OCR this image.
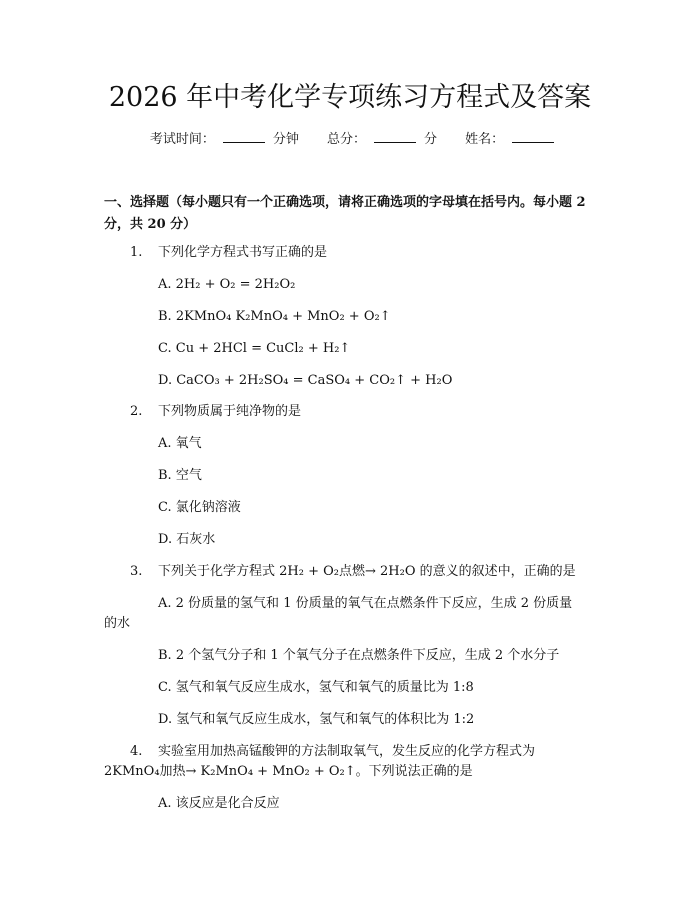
2026 年中考化学专项练习方程式及答案
考试时间：	分钟 总分：	分 姓名：
一、选择题（每小题只有一个正确选项，请将正确选项的字母填在括号内。每小题 2 分，共 20 分）
1. 下列化学方程式书写正确的是
A. 2H₂ + O₂ = 2H₂O₂
B. 2KMnO₄ K₂MnO₄ + MnO₂ + O₂↑
C. Cu + 2HCl = CuCl₂ + H₂↑
D. CaCO₃ + 2H₂SO₄ = CaSO₄ + CO₂↑ + H₂O
2. 下列物质属于纯净物的是
A. 氧气
B. 空气
C. 氯化钠溶液
D. 石灰水
3. 下列关于化学方程式 2H₂ + O₂点燃→ 2H₂O 的意义的叙述中，正确的是
A. 2 份质量的氢气和 1 份质量的氧气在点燃条件下反应，生成 2 份质量
的水
B. 2 个氢气分子和 1 个氧气分子在点燃条件下反应，生成 2 个水分子
C. 氢气和氧气反应生成水，氢气和氧气的质量比为 1:8
D. 氢气和氧气反应生成水，氢气和氧气的体积比为 1:2
4. 实验室用加热高锰酸钾的方法制取氧气，发生反应的化学方程式为
2KMnO₄加热→ K₂MnO₄ + MnO₂ + O₂↑。下列说法正确的是
A. 该反应是化合反应
